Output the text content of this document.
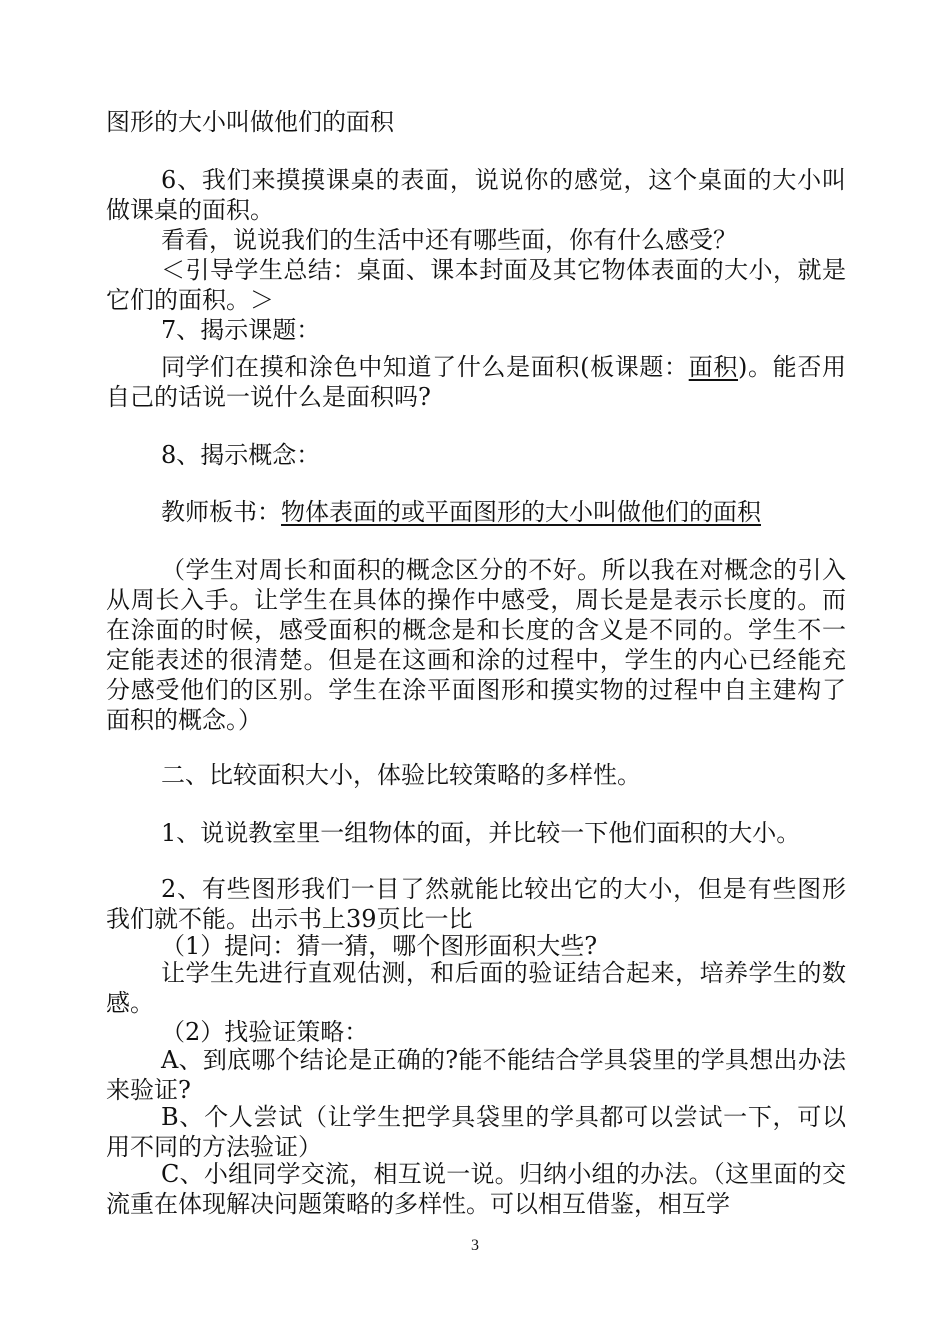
图形的大小叫做他们的面积

6、我们来摸摸课桌的表面，说说你的感觉，这个桌面的大小叫做课桌的面积。

看看，说说我们的生活中还有哪些面，你有什么感受？

＜引导学生总结：桌面、课本封面及其它物体表面的大小，就是它们的面积。＞

7、揭示课题：

同学们在摸和涂色中知道了什么是面积(板课题：面积)。能否用自己的话说一说什么是面积吗?

8、揭示概念：

教师板书：物体表面的或平面图形的大小叫做他们的面积

（学生对周长和面积的概念区分的不好。所以我在对概念的引入从周长入手。让学生在具体的操作中感受，周长是是表示长度的。而在涂面的时候，感受面积的概念是和长度的含义是不同的。学生不一定能表述的很清楚。但是在这画和涂的过程中，学生的内心已经能充分感受他们的区别。学生在涂平面图形和摸实物的过程中自主建构了面积的概念。）

二、比较面积大小，体验比较策略的多样性。

1、说说教室里一组物体的面，并比较一下他们面积的大小。

2、有些图形我们一目了然就能比较出它的大小，但是有些图形我们就不能。出示书上39页比一比

（1）提问：猜一猜，哪个图形面积大些?

让学生先进行直观估测，和后面的验证结合起来，培养学生的数感。

（2）找验证策略：

A、到底哪个结论是正确的?能不能结合学具袋里的学具想出办法来验证?

B、个人尝试（让学生把学具袋里的学具都可以尝试一下，可以用不同的方法验证）

C、小组同学交流，相互说一说。归纳小组的办法。（这里面的交流重在体现解决问题策略的多样性。可以相互借鉴，相互学

3
